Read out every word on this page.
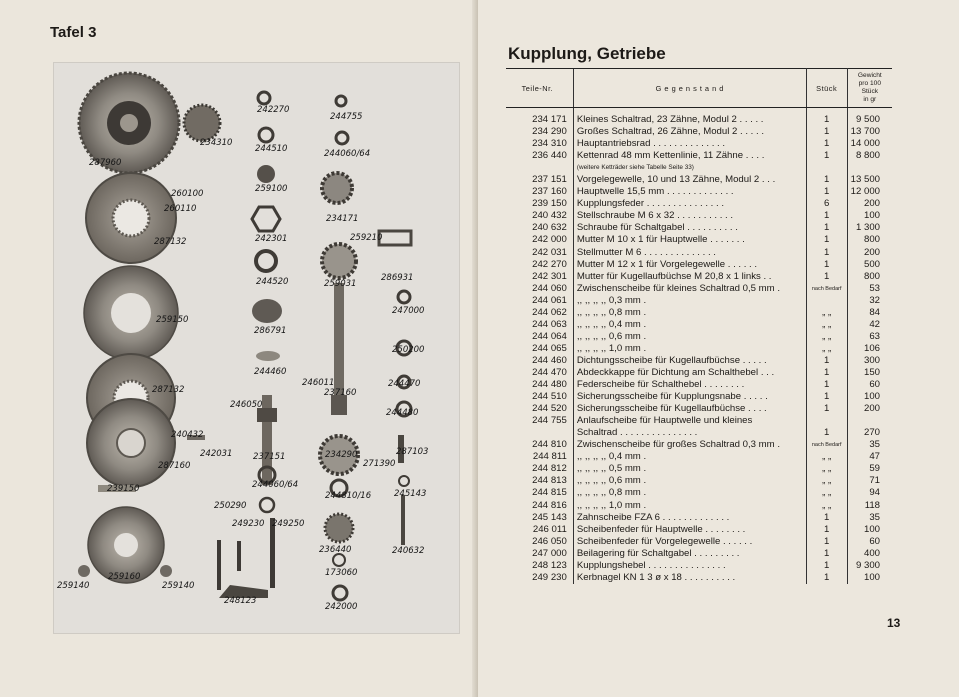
Tafel 3
234310
287960
260100
260110
287132
259150
287132
240432
242031
287160
239150
259140
259160
259140
242270
244510
259100
242301
244520
286791
244460
246050
237151
244060/64
250290
249230 249250
248123
244755
244060/64
234171
259210
259031
286931
247000
250200
246011
237160
244470
244480
234290	287103
271390
244810/16	245143
236440	240632
173060
242000
Kupplung, Getriebe
Teile-Nr.	G e g e n s t a n d	Stück	Gewicht
pro 100 Stück
in gr

234 171	Kleines Schaltrad, 23 Zähne, Modul 2 . . . . .	1	9 500
234 290	Großes Schaltrad, 26 Zähne, Modul 2 . . . . .	1	13 700
234 310	Hauptantriebsrad . . . . . . . . . . . . . .	1	14 000
236 440	Kettenrad 48 mm Kettenlinie, 11 Zähne . . . .	1	8 800
	(weitere Ketträder siehe Tabelle Seite 33)		
237 151	Vorgelegewelle, 10 und 13 Zähne, Modul 2 . . .	1	13 500
237 160	Hauptwelle 15,5 mm . . . . . . . . . . . . .	1	12 000
239 150	Kupplungsfeder . . . . . . . . . . . . . . .	6	200
240 432	Stellschraube M 6 x 32 . . . . . . . . . . .	1	100
240 632	Schraube für Schaltgabel . . . . . . . . . .	1	1 300
242 000	Mutter M 10 x 1 für Hauptwelle . . . . . . .	1	800
242 031	Stellmutter M 6 . . . . . . . . . . . . . .	1	200
242 270	Mutter M 12 x 1 für Vorgelegewelle . . . . . .	1	500
242 301	Mutter für Kugellaufbüchse M 20,8 x 1 links . .	1	800
244 060	Zwischenscheibe für kleines Schaltrad 0,5 mm .	nach Bedarf	53
244 061	,, ,, ,, ,, 0,3 mm .		32
244 062	,, ,, ,, ,, 0,8 mm .	„ „	84
244 063	,, ,, ,, ,, 0,4 mm .	„ „	42
244 064	,, ,, ,, ,, 0,6 mm .	„ „	63
244 065	,, ,, ,, ,, 1,0 mm .	„ „	106
244 460	Dichtungsscheibe für Kugellaufbüchse . . . . .	1	300
244 470	Abdeckkappe für Dichtung am Schalthebel . . .	1	150
244 480	Federscheibe für Schalthebel . . . . . . . .	1	60
244 510	Sicherungsscheibe für Kupplungsnabe . . . . .	1	100
244 520	Sicherungsscheibe für Kugellaufbüchse . . . .	1	200
244 755	Anlaufscheibe für Hauptwelle und kleines		
	Schaltrad . . . . . . . . . . . . . . .	1	270
244 810	Zwischenscheibe für großes Schaltrad 0,3 mm .	nach Bedarf	35
244 811	,, ,, ,, ,, 0,4 mm .	„ „	47
244 812	,, ,, ,, ,, 0,5 mm .	„ „	59
244 813	,, ,, ,, ,, 0,6 mm .	„ „	71
244 815	,, ,, ,, ,, 0,8 mm .	„ „	94
244 816	,, ,, ,, ,, 1,0 mm .	„ „	118
245 143	Zahnscheibe FZA 6 . . . . . . . . . . . . .	1	35
246 011	Scheibenfeder für Hauptwelle . . . . . . . .	1	100
246 050	Scheibenfeder für Vorgelegewelle . . . . . .	1	60
247 000	Beilagering für Schaltgabel . . . . . . . . .	1	400
248 123	Kupplungshebel . . . . . . . . . . . . . . .	1	9 300
249 230	Kerbnagel KN 1 3 ø x 18 . . . . . . . . . .	1	100
13
